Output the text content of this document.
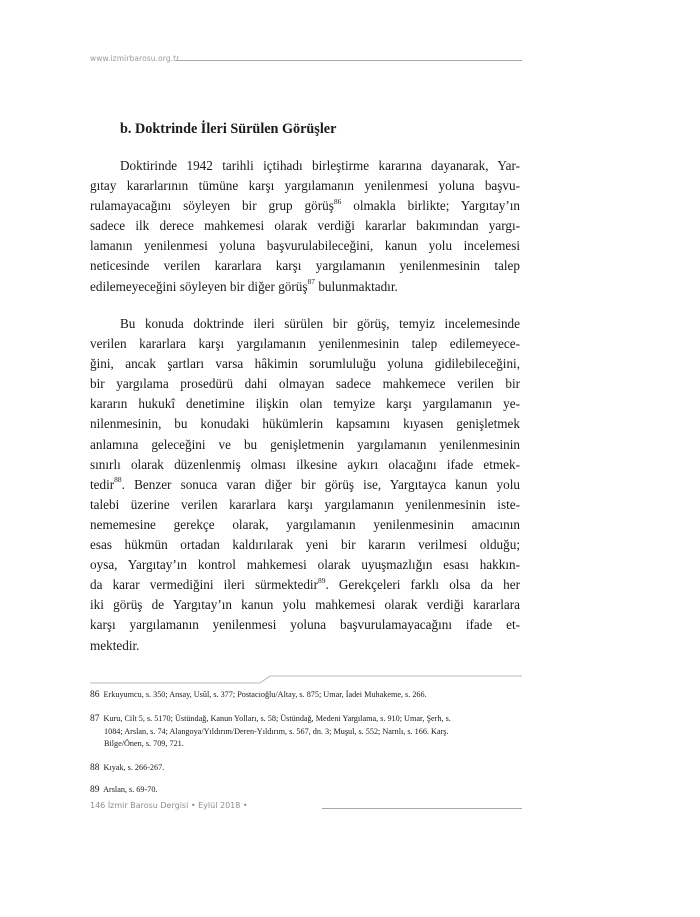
www.izmirbarosu.org.tr
b. Doktrinde İleri Sürülen Görüşler
Doktirinde 1942 tarihli içtihadı birleştirme kararına dayanarak, Yar-
gıtay kararlarının tümüne karşı yargılamanın yenilenmesi yoluna başvu-
rulamayacağını söyleyen bir grup görüş$^{86}$ olmakla birlikte; Yargıtay’ın
sadece ilk derece mahkemesi olarak verdiği kararlar bakımından yargı-
lamanın yenilenmesi yoluna başvurulabileceğini, kanun yolu incelemesi
neticesinde verilen kararlara karşı yargılamanın yenilenmesinin talep
edilemeyeceğini söyleyen bir diğer görüş$^{87}$ bulunmaktadır.
Bu konuda doktrinde ileri sürülen bir görüş, temyiz incelemesinde
verilen kararlara karşı yargılamanın yenilenmesinin talep edilemeyece-
ğini, ancak şartları varsa hâkimin sorumluluğu yoluna gidilebileceğini,
bir yargılama prosedürü dahi olmayan sadece mahkemece verilen bir
kararın hukukî denetimine ilişkin olan temyize karşı yargılamanın ye-
nilenmesinin, bu konudaki hükümlerin kapsamını kıyasen genişletmek
anlamına geleceğini ve bu genişletmenin yargılamanın yenilenmesinin
sınırlı olarak düzenlenmiş olması ilkesine aykırı olacağını ifade etmek-
tedir$^{88}$. Benzer sonuca varan diğer bir görüş ise, Yargıtayca kanun yolu
talebi üzerine verilen kararlara karşı yargılamanın yenilenmesinin iste-
nememesine gerekçe olarak, yargılamanın yenilenmesinin amacının
esas hükmün ortadan kaldırılarak yeni bir kararın verilmesi olduğu;
oysa, Yargıtay’ın kontrol mahkemesi olarak uyuşmazlığın esası hakkın-
da karar vermediğini ileri sürmektedir$^{89}$. Gerekçeleri farklı olsa da her
iki görüş de Yargıtay’ın kanun yolu mahkemesi olarak verdiği kararlara
karşı yargılamanın yenilenmesi yoluna başvurulamayacağını ifade et-
mektedir.
86 Erkuyumcu, s. 350; Ansay, Usûl, s. 377; Postacıoğlu/Altay, s. 875; Umar, İadei Muhakeme, s. 266.
87 Kuru, Cilt 5, s. 5170; Üstündağ, Kanun Yolları, s. 58; Üstündağ, Medeni Yargılama, s. 910; Umar, Şerh, s.
1084; Arslan, s. 74; Alangoya/Yıldırım/Deren-Yıldırım, s. 567, dn. 3; Muşul, s. 552; Narnlı, s. 166. Karş.
Bilge/Önen, s. 709, 721.
88 Kıyak, s. 266-267.
89 Arslan, s. 69-70.
146 İzmir Barosu Dergisi • Eylül 2018 •
